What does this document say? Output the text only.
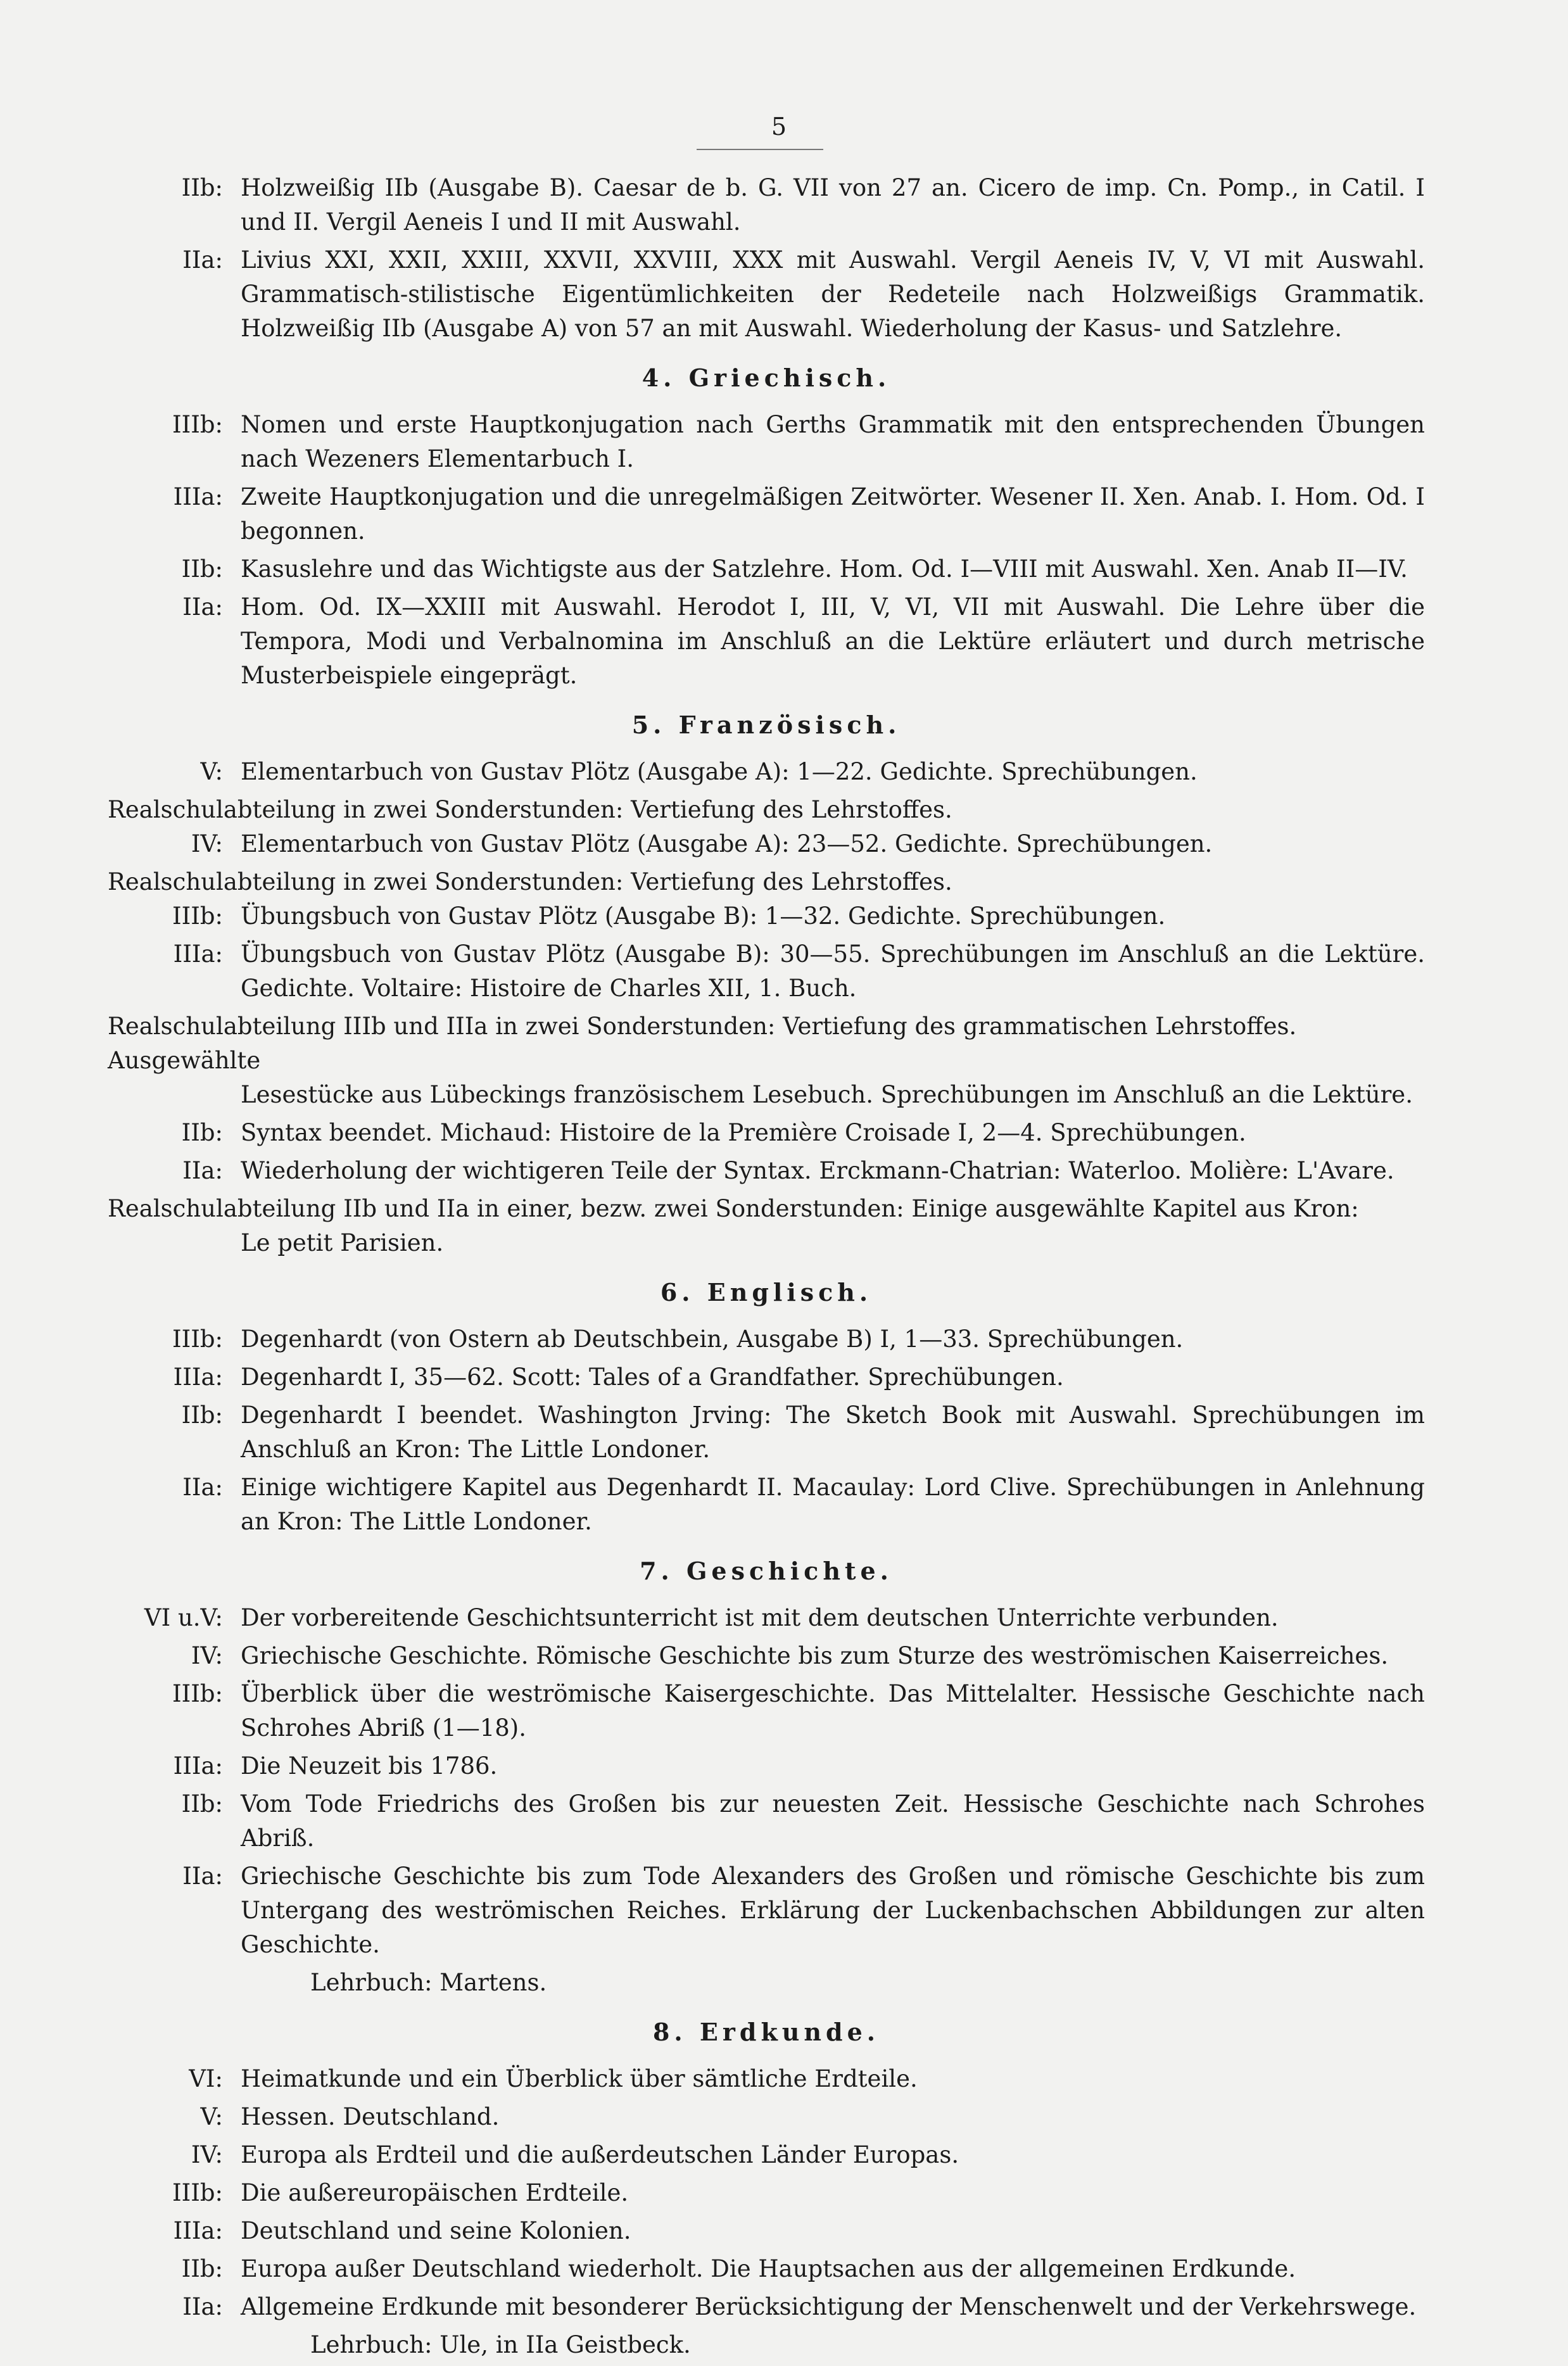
5
IIb: Holzweißig IIb (Ausgabe B). Caesar de b. G. VII von 27 an. Cicero de imp. Cn. Pomp., in Catil. I und II. Vergil Aeneis I und II mit Auswahl.
IIa: Livius XXI, XXII, XXIII, XXVII, XXVIII, XXX mit Auswahl. Vergil Aeneis IV, V, VI mit Auswahl. Grammatisch-stilistische Eigentümlichkeiten der Redeteile nach Holzweißigs Grammatik. Holzweißig IIb (Ausgabe A) von 57 an mit Auswahl. Wiederholung der Kasus- und Satzlehre.
4. Griechisch.
IIIb: Nomen und erste Hauptkonjugation nach Gerths Grammatik mit den entsprechenden Übungen nach Wezeners Elementarbuch I.
IIIa: Zweite Hauptkonjugation und die unregelmäßigen Zeitwörter. Wesener II. Xen. Anab. I. Hom. Od. I begonnen.
IIb: Kasuslehre und das Wichtigste aus der Satzlehre. Hom. Od. I—VIII mit Auswahl. Xen. Anab II—IV.
IIa: Hom. Od. IX—XXIII mit Auswahl. Herodot I, III, V, VI, VII mit Auswahl. Die Lehre über die Tempora, Modi und Verbalnomina im Anschluß an die Lektüre erläutert und durch metrische Musterbeispiele eingeprägt.
5. Französisch.
V: Elementarbuch von Gustav Plötz (Ausgabe A): 1—22. Gedichte. Sprechübungen.
Realschulabteilung in zwei Sonderstunden: Vertiefung des Lehrstoffes.
IV: Elementarbuch von Gustav Plötz (Ausgabe A): 23—52. Gedichte. Sprechübungen.
Realschulabteilung in zwei Sonderstunden: Vertiefung des Lehrstoffes.
IIIb: Übungsbuch von Gustav Plötz (Ausgabe B): 1—32. Gedichte. Sprechübungen.
IIIa: Übungsbuch von Gustav Plötz (Ausgabe B): 30—55. Sprechübungen im Anschluß an die Lektüre. Gedichte. Voltaire: Histoire de Charles XII, 1. Buch.
Realschulabteilung IIIb und IIIa in zwei Sonderstunden: Vertiefung des grammatischen Lehrstoffes. Ausgewählte
Lesestücke aus Lübeckings französischem Lesebuch. Sprechübungen im Anschluß an die Lektüre.
IIb: Syntax beendet. Michaud: Histoire de la Première Croisade I, 2—4. Sprechübungen.
IIa: Wiederholung der wichtigeren Teile der Syntax. Erckmann-Chatrian: Waterloo. Molière: L'Avare.
Realschulabteilung IIb und IIa in einer, bezw. zwei Sonderstunden: Einige ausgewählte Kapitel aus Kron:
Le petit Parisien.
6. Englisch.
IIIb: Degenhardt (von Ostern ab Deutschbein, Ausgabe B) I, 1—33. Sprechübungen.
IIIa: Degenhardt I, 35—62. Scott: Tales of a Grandfather. Sprechübungen.
IIb: Degenhardt I beendet. Washington Jrving: The Sketch Book mit Auswahl. Sprechübungen im Anschluß an Kron: The Little Londoner.
IIa: Einige wichtigere Kapitel aus Degenhardt II. Macaulay: Lord Clive. Sprechübungen in Anlehnung an Kron: The Little Londoner.
7. Geschichte.
VI u.V: Der vorbereitende Geschichtsunterricht ist mit dem deutschen Unterrichte verbunden.
IV: Griechische Geschichte. Römische Geschichte bis zum Sturze des weströmischen Kaiserreiches.
IIIb: Überblick über die weströmische Kaisergeschichte. Das Mittelalter. Hessische Geschichte nach Schrohes Abriß (1—18).
IIIa: Die Neuzeit bis 1786.
IIb: Vom Tode Friedrichs des Großen bis zur neuesten Zeit. Hessische Geschichte nach Schrohes Abriß.
IIa: Griechische Geschichte bis zum Tode Alexanders des Großen und römische Geschichte bis zum Untergang des weströmischen Reiches. Erklärung der Luckenbachschen Abbildungen zur alten Geschichte.
Lehrbuch: Martens.
8. Erdkunde.
VI: Heimatkunde und ein Überblick über sämtliche Erdteile.
V: Hessen. Deutschland.
IV: Europa als Erdteil und die außerdeutschen Länder Europas.
IIIb: Die außereuropäischen Erdteile.
IIIa: Deutschland und seine Kolonien.
IIb: Europa außer Deutschland wiederholt. Die Hauptsachen aus der allgemeinen Erdkunde.
IIa: Allgemeine Erdkunde mit besonderer Berücksichtigung der Menschenwelt und der Verkehrswege.
Lehrbuch: Ule, in IIa Geistbeck.
